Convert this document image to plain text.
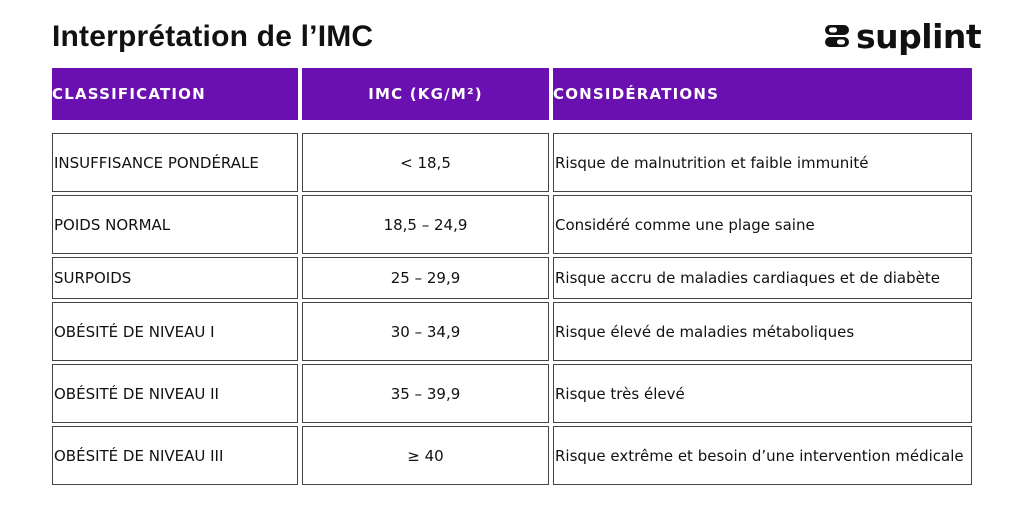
Interprétation de l’IMC	suplint
CLASSIFICATION	IMC (KG/M²)	CONSIDÉRATIONS
INSUFFISANCE PONDÉRALE	< 18,5	Risque de malnutrition et faible immunité
POIDS NORMAL	18,5 – 24,9	Considéré comme une plage saine
SURPOIDS	25 – 29,9	Risque accru de maladies cardiaques et de diabète
OBÉSITÉ DE NIVEAU I	30 – 34,9	Risque élevé de maladies métaboliques
OBÉSITÉ DE NIVEAU II	35 – 39,9	Risque très élevé
OBÉSITÉ DE NIVEAU III	≥ 40	Risque extrême et besoin d’une intervention médicale
